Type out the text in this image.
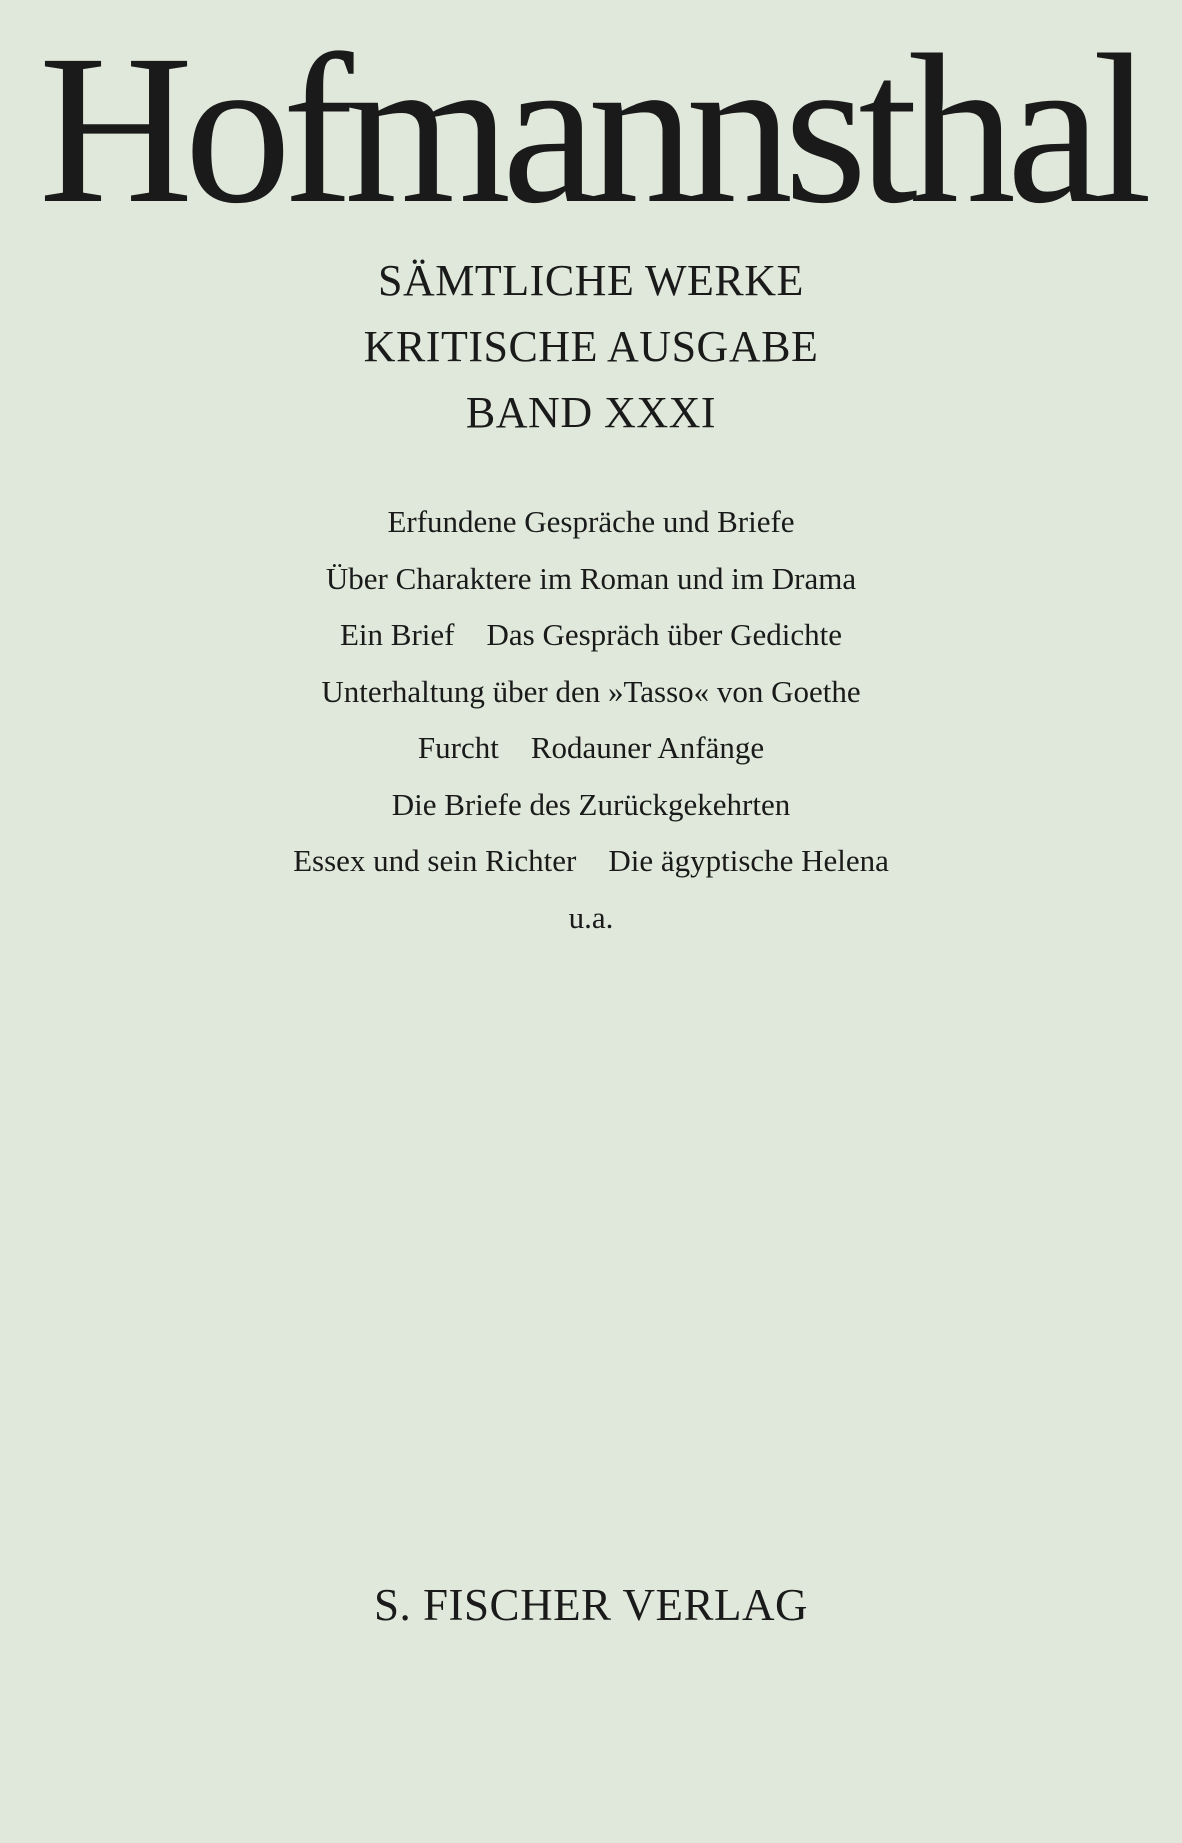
Hofmannsthal
SÄMTLICHE WERKE
KRITISCHE AUSGABE
BAND XXXI
Erfundene Gespräche und Briefe
Über Charaktere im Roman und im Drama
Ein Brief Das Gespräch über Gedichte
Unterhaltung über den »Tasso« von Goethe
Furcht Rodauner Anfänge
Die Briefe des Zurückgekehrten
Essex und sein Richter Die ägyptische Helena
u.a.
S. FISCHER VERLAG
